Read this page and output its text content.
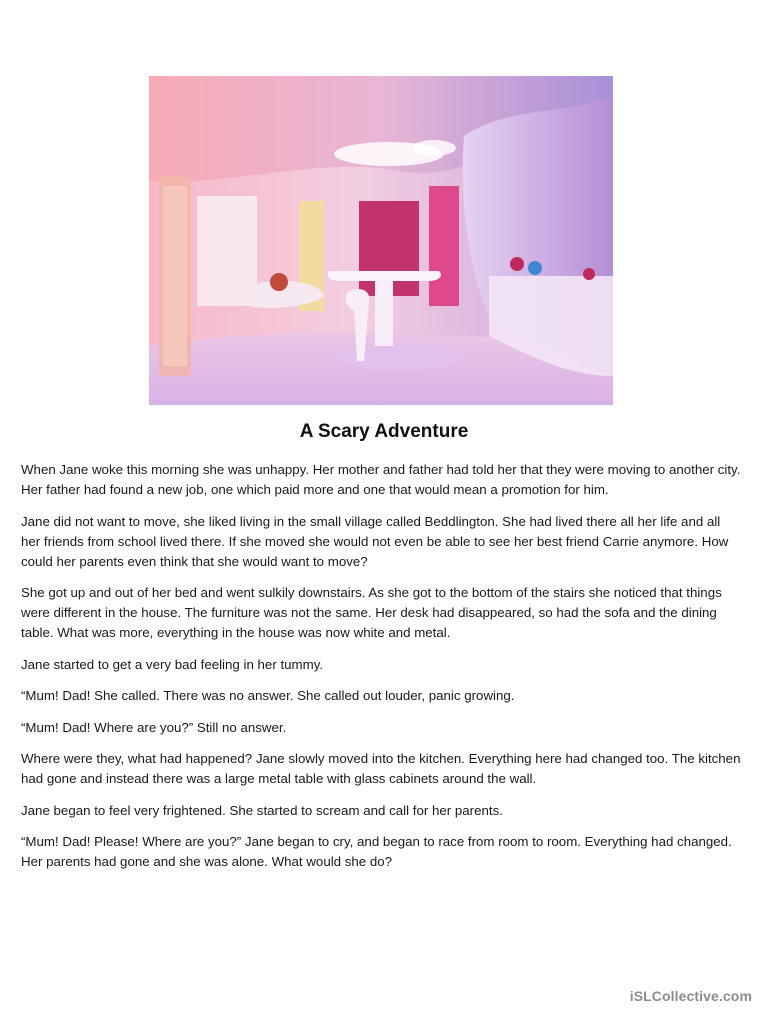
A Scary Adventure

When Jane woke this morning she was unhappy. Her mother and father had told her that they were moving to another city. Her father had found a new job, one which paid more and one that would mean a promotion for him.

Jane did not want to move, she liked living in the small village called Beddlington. She had lived there all her life and all her friends from school lived there. If she moved she would not even be able to see her best friend Carrie anymore. How could her parents even think that she would want to move?

She got up and out of her bed and went sulkily downstairs. As she got to the bottom of the stairs she noticed that things were different in the house. The furniture was not the same. Her desk had disappeared, so had the sofa and the dining table. What was more, everything in the house was now white and metal.

Jane started to get a very bad feeling in her tummy.

“Mum! Dad! She called. There was no answer. She called out louder, panic growing.

“Mum! Dad! Where are you?” Still no answer.

Where were they, what had happened? Jane slowly moved into the kitchen. Everything here had changed too. The kitchen had gone and instead there was a large metal table with glass cabinets around the wall.

Jane began to feel very frightened. She started to scream and call for her parents.

“Mum! Dad! Please! Where are you?” Jane began to cry, and began to race from room to room. Everything had changed. Her parents had gone and she was alone. What would she do?

iSLCollective.com
